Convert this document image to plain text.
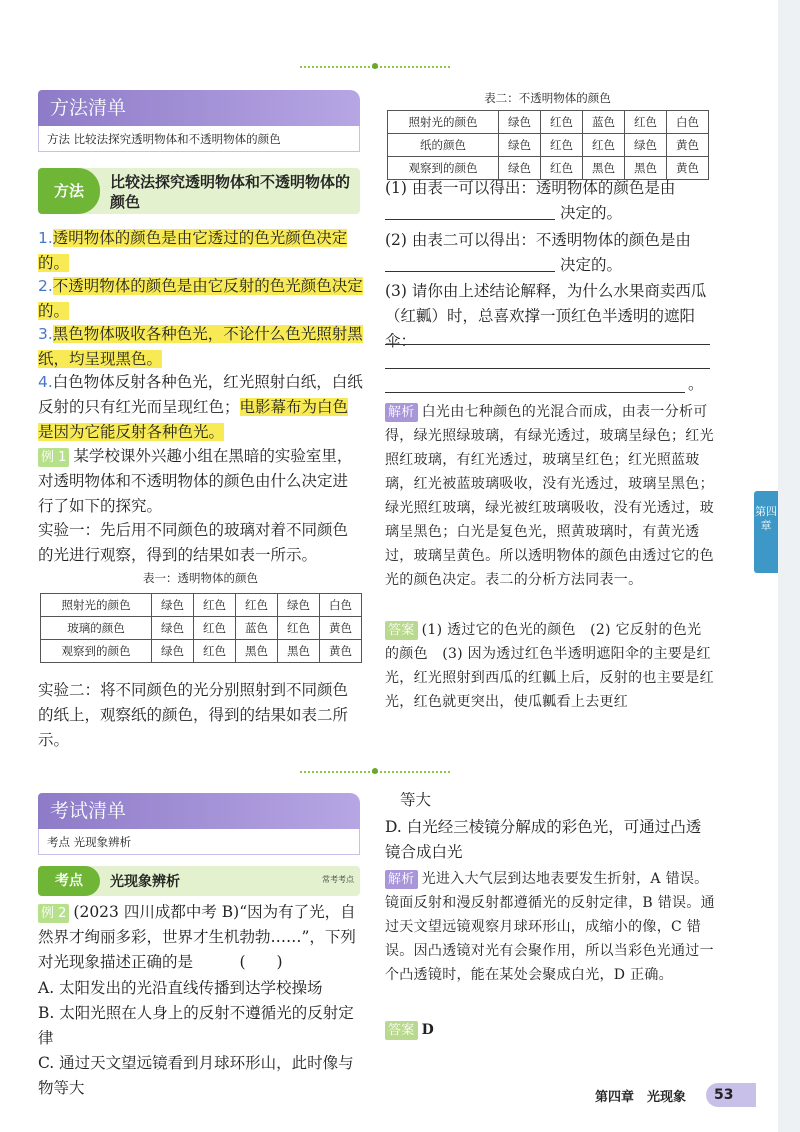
第四章
方法清单
方法 比较法探究透明物体和不透明物体的颜色
方法	比较法探究透明物体和不透明物体的颜色
1.透明物体的颜色是由它透过的色光颜色决定的。
2.不透明物体的颜色是由它反射的色光颜色决定的。
3.黑色物体吸收各种色光，不论什么色光照射黑纸，均呈现黑色。
4.白色物体反射各种色光，红光照射白纸，白纸反射的只有红光而呈现红色；电影幕布为白色是因为它能反射各种色光。
例 1 某学校课外兴趣小组在黑暗的实验室里，对透明物体和不透明物体的颜色由什么决定进行了如下的探究。
实验一：先后用不同颜色的玻璃对着不同颜色的光进行观察，得到的结果如表一所示。
表一：透明物体的颜色
照射光的颜色	绿色	红色	红色	绿色	白色
玻璃的颜色	绿色	红色	蓝色	红色	黄色
观察到的颜色	绿色	红色	黑色	黑色	黄色
实验二：将不同颜色的光分别照射到不同颜色的纸上，观察纸的颜色，得到的结果如表二所示。
表二：不透明物体的颜色
照射光的颜色	绿色	红色	蓝色	红色	白色
纸的颜色	绿色	红色	红色	绿色	黄色
观察到的颜色	绿色	红色	黑色	黑色	黄色
(1) 由表一可以得出：透明物体的颜色是由
决定的。
(2) 由表二可以得出：不透明物体的颜色是由
决定的。
(3) 请你由上述结论解释，为什么水果商卖西瓜（红瓤）时，总喜欢撑一顶红色半透明的遮阳伞：
。
解析 白光由七种颜色的光混合而成，由表一分析可得，绿光照绿玻璃，有绿光透过，玻璃呈绿色；红光照红玻璃，有红光透过，玻璃呈红色；红光照蓝玻璃，红光被蓝玻璃吸收，没有光透过，玻璃呈黑色；绿光照红玻璃，绿光被红玻璃吸收，没有光透过，玻璃呈黑色；白光是复色光，照黄玻璃时，有黄光透过，玻璃呈黄色。所以透明物体的颜色由透过它的色光的颜色决定。表二的分析方法同表一。
答案 (1) 透过它的色光的颜色　(2) 它反射的色光的颜色　(3) 因为透过红色半透明遮阳伞的主要是红光，红光照射到西瓜的红瓤上后，反射的也主要是红光，红色就更突出，使瓜瓤看上去更红
考试清单
考点 光现象辨析
考点	光现象辨析	常考考点
例 2 (2023 四川成都中考 B)“因为有了光，自然界才绚丽多彩，世界才生机勃勃……”，下列对光现象描述正确的是　　　(　　)
A. 太阳发出的光沿直线传播到达学校操场
B. 太阳光照在人身上的反射不遵循光的反射定律
C. 通过天文望远镜看到月球环形山，此时像与物等大
等大
D. 白光经三棱镜分解成的彩色光，可通过凸透镜合成白光
解析 光进入大气层到达地表要发生折射，A 错误。镜面反射和漫反射都遵循光的反射定律，B 错误。通过天文望远镜观察月球环形山，成缩小的像，C 错误。因凸透镜对光有会聚作用，所以当彩色光通过一个凸透镜时，能在某处会聚成白光，D 正确。
答案 D
第四章　光现象	53
